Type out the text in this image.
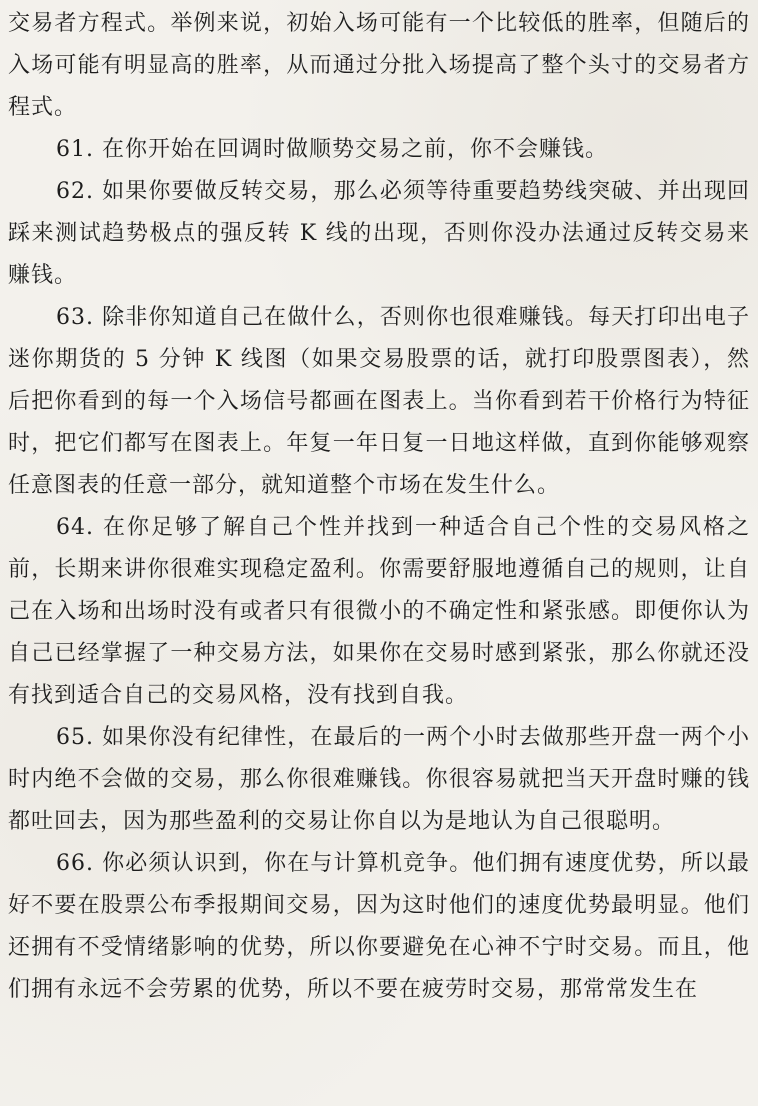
交易者方程式。举例来说，初始入场可能有一个比较低的胜率，但随后的入场可能有明显高的胜率，从而通过分批入场提高了整个头寸的交易者方程式。

61. 在你开始在回调时做顺势交易之前，你不会赚钱。

62. 如果你要做反转交易，那么必须等待重要趋势线突破、并出现回踩来测试趋势极点的强反转 K 线的出现，否则你没办法通过反转交易来赚钱。

63. 除非你知道自己在做什么，否则你也很难赚钱。每天打印出电子迷你期货的 5 分钟 K 线图（如果交易股票的话，就打印股票图表），然后把你看到的每一个入场信号都画在图表上。当你看到若干价格行为特征时，把它们都写在图表上。年复一年日复一日地这样做，直到你能够观察任意图表的任意一部分，就知道整个市场在发生什么。

64. 在你足够了解自己个性并找到一种适合自己个性的交易风格之前，长期来讲你很难实现稳定盈利。你需要舒服地遵循自己的规则，让自己在入场和出场时没有或者只有很微小的不确定性和紧张感。即便你认为自己已经掌握了一种交易方法，如果你在交易时感到紧张，那么你就还没有找到适合自己的交易风格，没有找到自我。

65. 如果你没有纪律性，在最后的一两个小时去做那些开盘一两个小时内绝不会做的交易，那么你很难赚钱。你很容易就把当天开盘时赚的钱都吐回去，因为那些盈利的交易让你自以为是地认为自己很聪明。

66. 你必须认识到，你在与计算机竞争。他们拥有速度优势，所以最好不要在股票公布季报期间交易，因为这时他们的速度优势最明显。他们还拥有不受情绪影响的优势，所以你要避免在心神不宁时交易。而且，他们拥有永远不会劳累的优势，所以不要在疲劳时交易，那常常发生在
